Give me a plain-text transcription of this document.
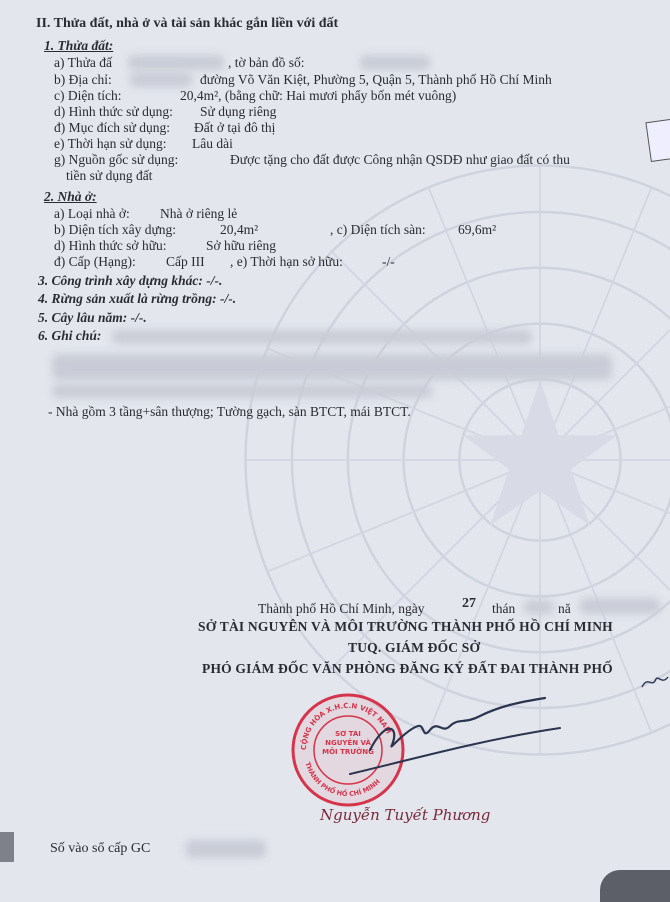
II. Thửa đất, nhà ở và tài sản khác gắn liền với đất
1. Thửa đất:
a) Thửa đấ	, tờ bản đồ số:
b) Địa chỉ:	đường Võ Văn Kiệt, Phường 5, Quận 5, Thành phố Hồ Chí Minh
c) Diện tích:	20,4m², (bằng chữ: Hai mươi phẩy bốn mét vuông)
d) Hình thức sử dụng: Sử dụng riêng
đ) Mục đích sử dụng: Đất ở tại đô thị
e) Thời hạn sử dụng: Lâu dài
g) Nguồn gốc sử dụng:	Được tặng cho đất được Công nhận QSDĐ như giao đất có thu
tiền sử dụng đất
2. Nhà ở:
a) Loại nhà ở: Nhà ở riêng lẻ
b) Diện tích xây dựng:	20,4m²	, c) Diện tích sàn: 69,6m²
d) Hình thức sở hữu:	Sở hữu riêng
đ) Cấp (Hạng): Cấp III , e) Thời hạn sở hữu:	-/-
3. Công trình xây dựng khác: -/-.
4. Rừng sản xuất là rừng trồng: -/-.
5. Cây lâu năm: -/-.
6. Ghi chú:
- Nhà gồm 3 tầng+sân thượng; Tường gạch, sàn BTCT, mái BTCT.
Thành phố Hồ Chí Minh, ngày	27 thán	nă
SỞ TÀI NGUYÊN VÀ MÔI TRƯỜNG THÀNH PHỐ HỒ CHÍ MINH
TUQ. GIÁM ĐỐC SỞ
PHÓ GIÁM ĐỐC VĂN PHÒNG ĐĂNG KÝ ĐẤT ĐAI THÀNH PHỐ
CỘNG HÒA X.H.C.N VIỆT NAM
THÀNH PHỐ HỒ CHÍ MINH
SỞ TÀI NGUYÊN VÀ MÔI TRƯỜNG
Nguyễn Tuyết Phương
Số vào sổ cấp GC
